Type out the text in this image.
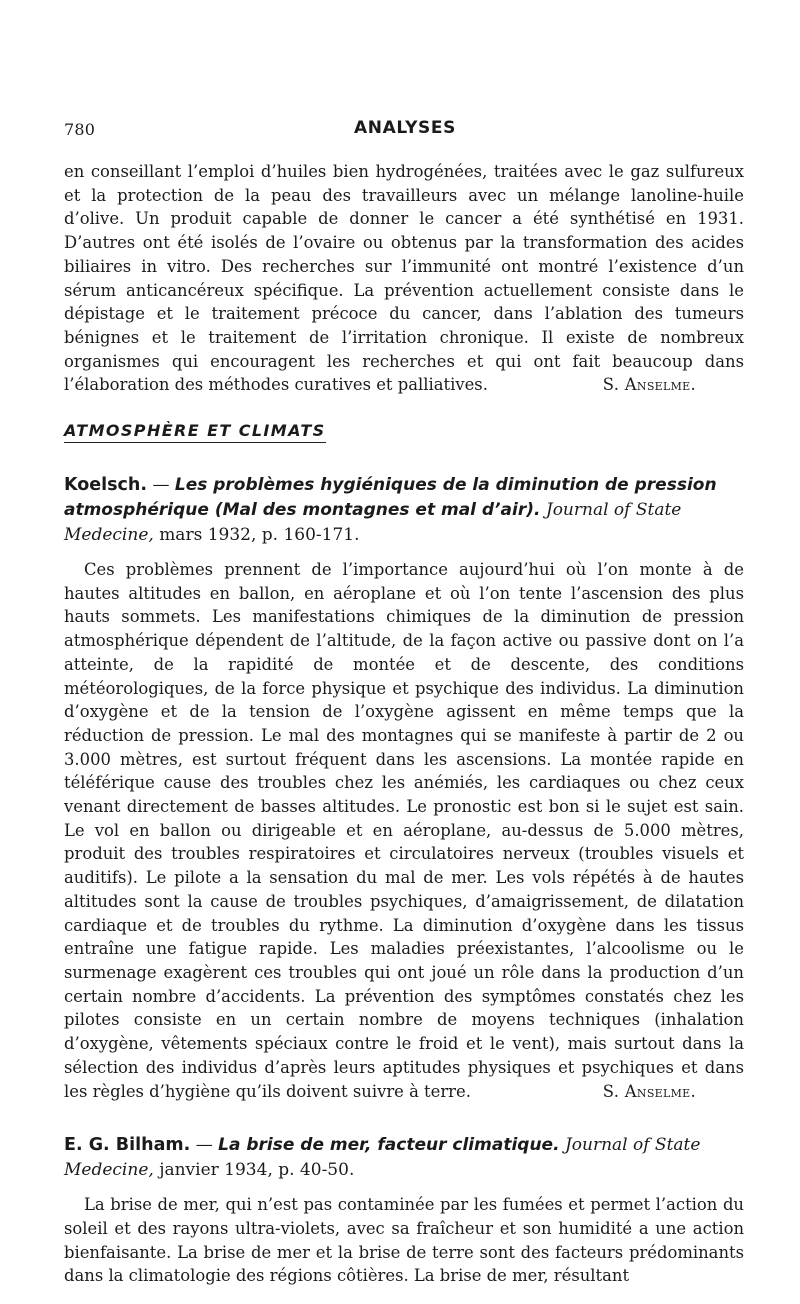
780	ANALYSES

en conseillant l’emploi d’huiles bien hydrogénées, traitées avec le gaz sulfureux et la protection de la peau des travailleurs avec un mélange lanoline-huile d’olive. Un produit capable de donner le cancer a été synthétisé en 1931. D’autres ont été isolés de l’ovaire ou obtenus par la transformation des acides biliaires in vitro. Des recherches sur l’immunité ont montré l’existence d’un sérum anticancéreux spécifique. La prévention actuellement consiste dans le dépistage et le traitement précoce du cancer, dans l’ablation des tumeurs bénignes et le traitement de l’irritation chronique. Il existe de nombreux organismes qui encouragent les recherches et qui ont fait beaucoup dans l’élaboration des méthodes curatives et palliatives.	S. Anselme.

ATMOSPHÈRE ET CLIMATS
Koelsch. — Les problèmes hygiéniques de la diminution de pression atmosphérique (Mal des montagnes et mal d’air). Journal of State Medecine, mars 1932, p. 160-171.

Ces problèmes prennent de l’importance aujourd’hui où l’on monte à de hautes altitudes en ballon, en aéroplane et où l’on tente l’ascension des plus hauts sommets. Les manifestations chimiques de la diminution de pression atmosphérique dépendent de l’altitude, de la façon active ou passive dont on l’a atteinte, de la rapidité de montée et de descente, des conditions météorologiques, de la force physique et psychique des individus. La diminution d’oxygène et de la tension de l’oxygène agissent en même temps que la réduction de pression. Le mal des montagnes qui se manifeste à partir de 2 ou 3.000 mètres, est surtout fréquent dans les ascensions. La montée rapide en téléférique cause des troubles chez les anémiés, les cardiaques ou chez ceux venant directement de basses altitudes. Le pronostic est bon si le sujet est sain. Le vol en ballon ou dirigeable et en aéroplane, au-dessus de 5.000 mètres, produit des troubles respiratoires et circulatoires nerveux (troubles visuels et auditifs). Le pilote a la sensation du mal de mer. Les vols répétés à de hautes altitudes sont la cause de troubles psychiques, d’amaigrissement, de dilatation cardiaque et de troubles du rythme. La diminution d’oxygène dans les tissus entraîne une fatigue rapide. Les maladies préexistantes, l’alcoolisme ou le surmenage exagèrent ces troubles qui ont joué un rôle dans la production d’un certain nombre d’accidents. La prévention des symptômes constatés chez les pilotes consiste en un certain nombre de moyens techniques (inhalation d’oxygène, vêtements spéciaux contre le froid et le vent), mais surtout dans la sélection des individus d’après leurs aptitudes physiques et psychiques et dans les règles d’hygiène qu’ils doivent suivre à terre.	S. Anselme.

E. G. Bilham. — La brise de mer, facteur climatique. Journal of State Medecine, janvier 1934, p. 40-50.

La brise de mer, qui n’est pas contaminée par les fumées et permet l’action du soleil et des rayons ultra-violets, avec sa fraîcheur et son humidité a une action bienfaisante. La brise de mer et la brise de terre sont des facteurs prédominants dans la climatologie des régions côtières. La brise de mer, résultant
